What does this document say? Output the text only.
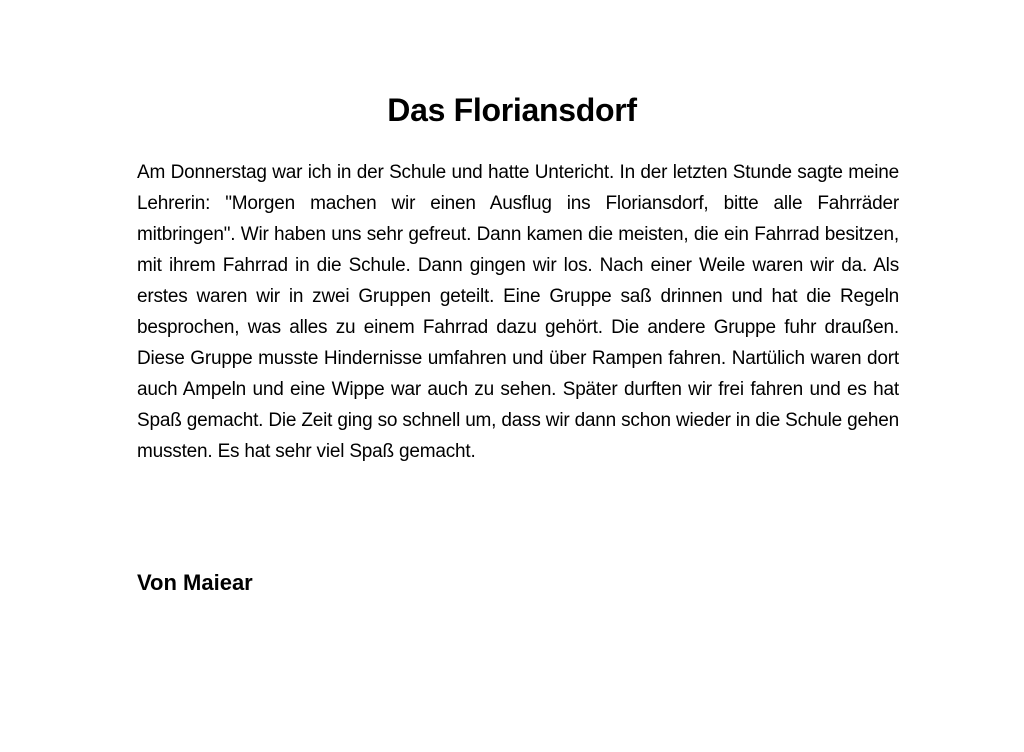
Das Floriansdorf

Am Donnerstag war ich in der Schule und hatte Untericht. In der letzten Stunde sagte meine Lehrerin: "Morgen machen wir einen Ausflug ins Floriansdorf, bitte alle Fahrräder mitbringen". Wir haben uns sehr gefreut. Dann kamen die meisten, die ein Fahrrad besitzen, mit ihrem Fahrrad in die Schule. Dann gingen wir los. Nach einer Weile waren wir da. Als erstes waren wir in zwei Gruppen geteilt. Eine Gruppe saß drinnen und hat die Regeln besprochen, was alles zu einem Fahrrad dazu gehört. Die andere Gruppe fuhr draußen. Diese Gruppe musste Hindernisse umfahren und über Rampen fahren. Nartülich waren dort auch Ampeln und eine Wippe war auch zu sehen. Später durften wir frei fahren und es hat Spaß gemacht. Die Zeit ging so schnell um, dass wir dann schon wieder in die Schule gehen mussten. Es hat sehr viel Spaß gemacht.

Von Maiear
